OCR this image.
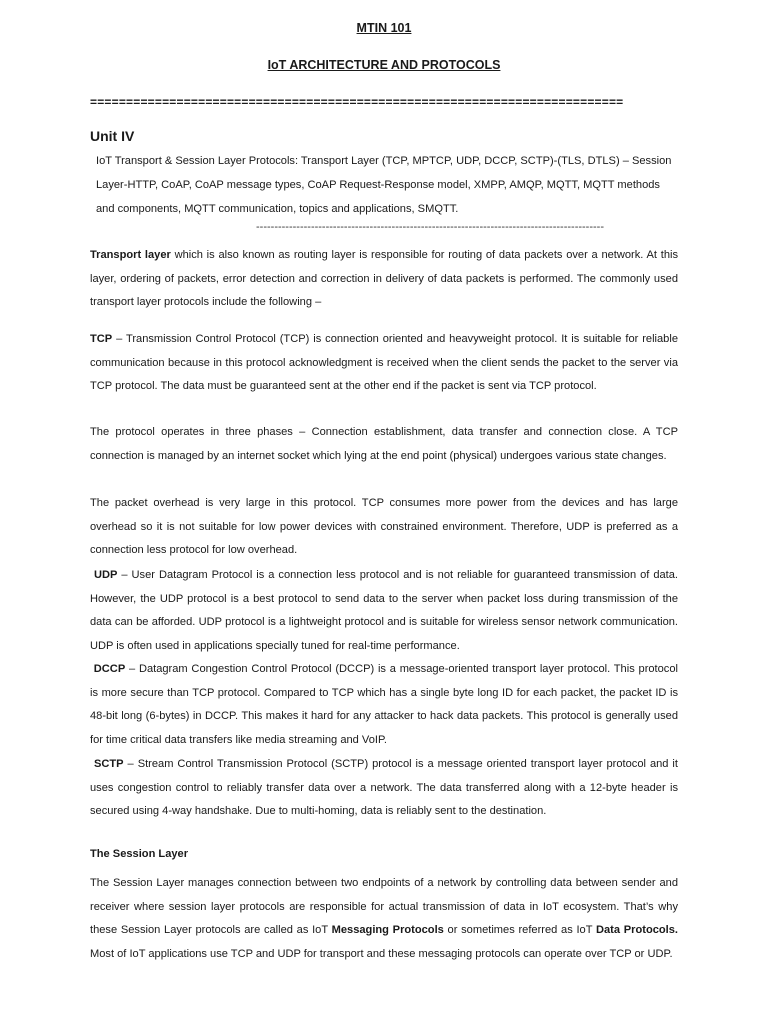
MTIN 101
IoT ARCHITECTURE AND PROTOCOLS
==========================================================================
Unit IV

IoT Transport & Session Layer Protocols: Transport Layer (TCP, MPTCP, UDP, DCCP, SCTP)-(TLS, DTLS) – Session Layer-HTTP, CoAP, CoAP message types, CoAP Request-Response model, XMPP, AMQP, MQTT, MQTT methods and components, MQTT communication, topics and applications, SMQTT.

-----------------------------------------------------------------------------------------------

Transport layer which is also known as routing layer is responsible for routing of data packets over a network. At this layer, ordering of packets, error detection and correction in delivery of data packets is performed. The commonly used transport layer protocols include the following –

TCP – Transmission Control Protocol (TCP) is connection oriented and heavyweight protocol. It is suitable for reliable communication because in this protocol acknowledgment is received when the client sends the packet to the server via TCP protocol. The data must be guaranteed sent at the other end if the packet is sent via TCP protocol.

The protocol operates in three phases – Connection establishment, data transfer and connection close. A TCP connection is managed by an internet socket which lying at the end point (physical) undergoes various state changes.

The packet overhead is very large in this protocol. TCP consumes more power from the devices and has large overhead so it is not suitable for low power devices with constrained environment. Therefore, UDP is preferred as a connection less protocol for low overhead.

UDP – User Datagram Protocol is a connection less protocol and is not reliable for guaranteed transmission of data. However, the UDP protocol is a best protocol to send data to the server when packet loss during transmission of the data can be afforded. UDP protocol is a lightweight protocol and is suitable for wireless sensor network communication. UDP is often used in applications specially tuned for real-time performance.

DCCP – Datagram Congestion Control Protocol (DCCP) is a message-oriented transport layer protocol. This protocol is more secure than TCP protocol. Compared to TCP which has a single byte long ID for each packet, the packet ID is 48-bit long (6-bytes) in DCCP. This makes it hard for any attacker to hack data packets. This protocol is generally used for time critical data transfers like media streaming and VoIP.

SCTP – Stream Control Transmission Protocol (SCTP) protocol is a message oriented transport layer protocol and it uses congestion control to reliably transfer data over a network. The data transferred along with a 12-byte header is secured using 4-way handshake. Due to multi-homing, data is reliably sent to the destination.

The Session Layer

The Session Layer manages connection between two endpoints of a network by controlling data between sender and receiver where session layer protocols are responsible for actual transmission of data in IoT ecosystem. That’s why these Session Layer protocols are called as IoT Messaging Protocols or sometimes referred as IoT Data Protocols. Most of IoT applications use TCP and UDP for transport and these messaging protocols can operate over TCP or UDP.
